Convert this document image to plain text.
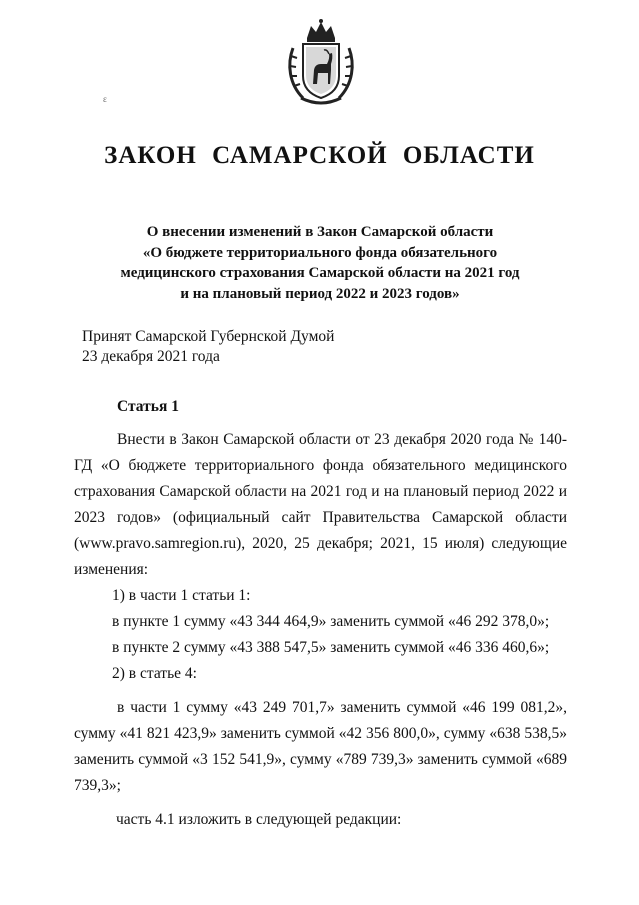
ε
ЗАКОН САМАРСКОЙ ОБЛАСТИ
О внесении изменений в Закон Самарской области
«О бюджете территориального фонда обязательного
медицинского страхования Самарской области на 2021 год
и на плановый период 2022 и 2023 годов»
Принят Самарской Губернской Думой
23 декабря 2021 года
Статья 1

Внести в Закон Самарской области от 23 декабря 2020 года № 140-ГД «О бюджете территориального фонда обязательного медицинского страхования Самарской области на 2021 год и на плановый период 2022 и 2023 годов» (официальный сайт Правительства Самарской области (www.pravo.samregion.ru), 2020, 25 декабря; 2021, 15 июля) следующие изменения:

1) в части 1 статьи 1:

в пункте 1 сумму «43 344 464,9» заменить суммой «46 292 378,0»;

в пункте 2 сумму «43 388 547,5» заменить суммой «46 336 460,6»;

2) в статье 4:

в части 1 сумму «43 249 701,7» заменить суммой «46 199 081,2», сумму «41 821 423,9» заменить суммой «42 356 800,0», сумму «638 538,5» заменить суммой «3 152 541,9», сумму «789 739,3» заменить суммой «689 739,3»;

часть 4.1 изложить в следующей редакции:
